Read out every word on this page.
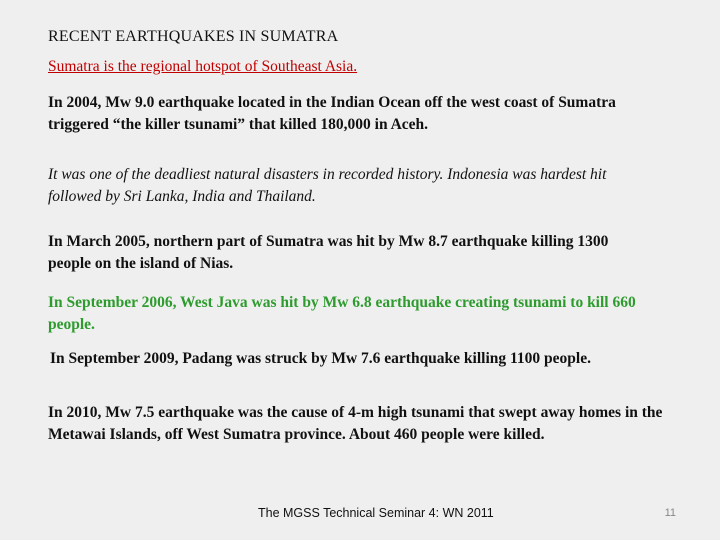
RECENT EARTHQUAKES IN SUMATRA

Sumatra is the regional hotspot of Southeast Asia.

In 2004, Mw 9.0 earthquake located in the Indian Ocean off the west coast of Sumatra triggered “the killer tsunami” that killed 180,000 in Aceh.

It was one of the deadliest natural disasters in recorded history. Indonesia was hardest hit followed by Sri Lanka, India and Thailand.

In March 2005, northern part of Sumatra was hit by Mw 8.7 earthquake killing 1300 people on the island of Nias.

In September 2006, West Java was hit by Mw 6.8 earthquake creating tsunami to kill 660 people.

In September 2009, Padang was struck by Mw 7.6 earthquake killing 1100 people.

In 2010, Mw 7.5 earthquake was the cause of 4-m high tsunami that swept away homes in the Metawai Islands, off West Sumatra province. About 460 people were killed.

The MGSS Technical Seminar 4: WN 2011	11
